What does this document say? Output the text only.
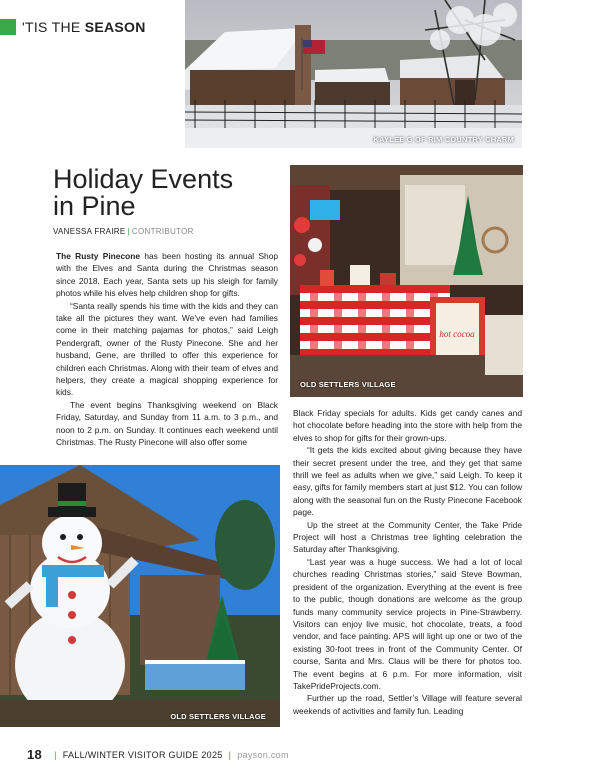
'TIS THE SEASON
KAYLEE G OF RIM COUNTRY CHARM
Holiday Events
in Pine
VANESSA FRAIRE | CONTRIBUTOR
hot cocoa
OLD SETTLERS VILLAGE

The Rusty Pinecone has been hosting its annual Shop with the Elves and Santa during the Christmas season since 2018. Each year, Santa sets up his sleigh for family photos while his elves help children shop for gifts.

“Santa really spends his time with the kids and they can take all the pictures they want. We’ve even had families come in their matching pajamas for photos,” said Leigh Pendergraft, owner of the Rusty Pinecone. She and her husband, Gene, are thrilled to offer this experience for children each Christmas. Along with their team of elves and helpers, they create a magical shopping experience for kids.

The event begins Thanksgiving weekend on Black Friday, Saturday, and Sunday from 11 a.m. to 3 p.m., and noon to 2 p.m. on Sunday. It continues each weekend until Christmas. The Rusty Pinecone will also offer some

OLD SETTLERS VILLAGE

Black Friday specials for adults. Kids get candy canes and hot chocolate before heading into the store with help from the elves to shop for gifts for their grown-ups.

“It gets the kids excited about giving because they have their secret present under the tree, and they get that same thrill we feel as adults when we give,” said Leigh. To keep it easy, gifts for family members start at just $12. You can follow along with the seasonal fun on the Rusty Pinecone Facebook page.

Up the street at the Community Center, the Take Pride Project will host a Christmas tree lighting celebration the Saturday after Thanksgiving.

“Last year was a huge success. We had a lot of local churches reading Christmas stories,” said Steve Bowman, president of the organization. Everything at the event is free to the public, though donations are welcome as the group funds many community service projects in Pine-Strawberry. Visitors can enjoy live music, hot chocolate, treats, a food vendor, and face painting. APS will light up one or two of the existing 30-foot trees in front of the Community Center. Of course, Santa and Mrs. Claus will be there for photos too. The event begins at 6 p.m. For more information, visit TakePrideProjects.com.

Further up the road, Settler’s Village will feature several weekends of activities and family fun. Leading

18 | FALL/WINTER VISITOR GUIDE 2025 | payson.com
